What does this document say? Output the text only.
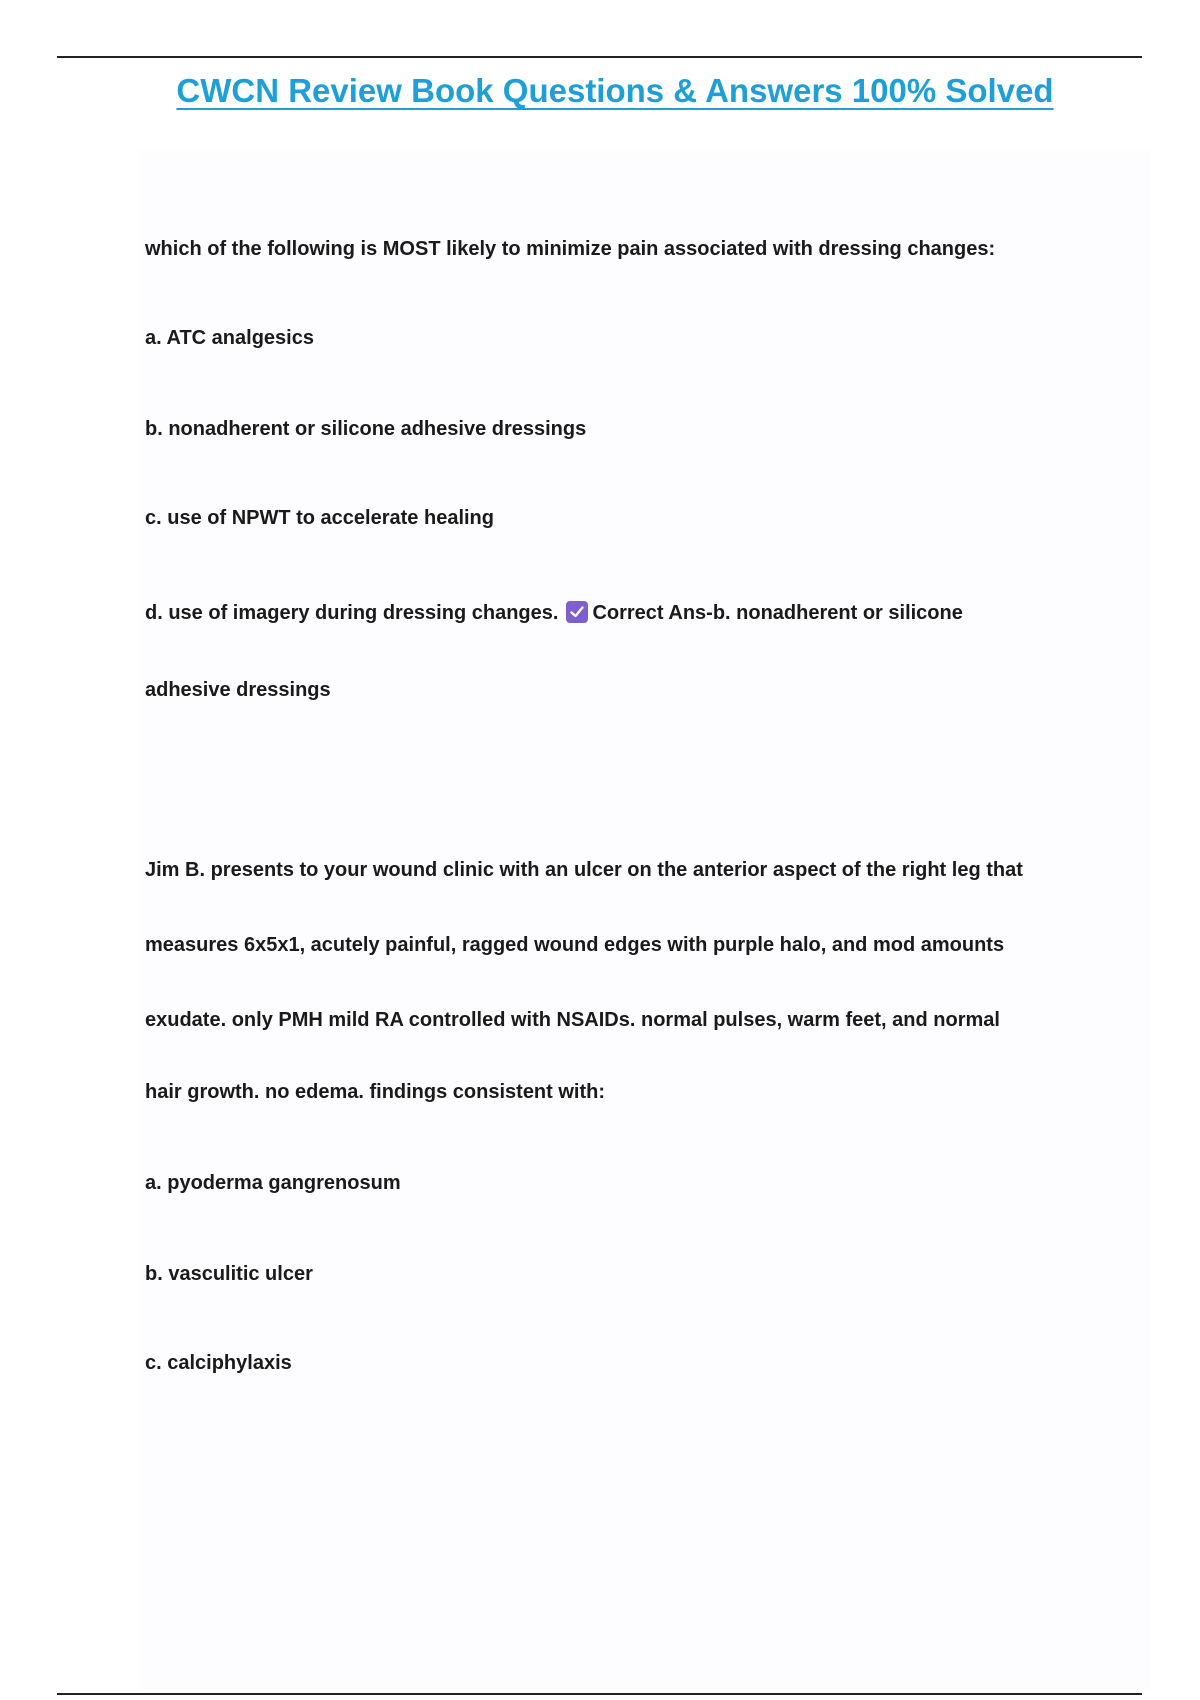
CWCN Review Book Questions & Answers 100% Solved
which of the following is MOST likely to minimize pain associated with dressing changes:
a. ATC analgesics
b. nonadherent or silicone adhesive dressings
c. use of NPWT to accelerate healing
d. use of imagery during dressing changes. Correct Ans-b. nonadherent or silicone
adhesive dressings
Jim B. presents to your wound clinic with an ulcer on the anterior aspect of the right leg that
measures 6x5x1, acutely painful, ragged wound edges with purple halo, and mod amounts
exudate. only PMH mild RA controlled with NSAIDs. normal pulses, warm feet, and normal
hair growth. no edema. findings consistent with:
a. pyoderma gangrenosum
b. vasculitic ulcer
c. calciphylaxis
